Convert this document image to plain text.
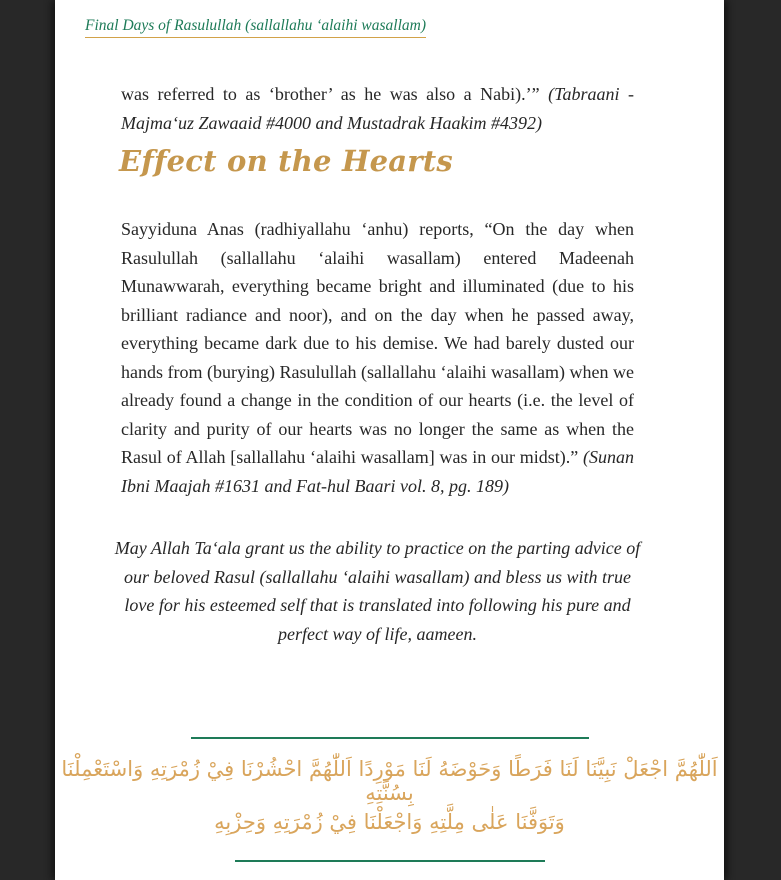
Final Days of Rasulullah (sallallahu ‘alaihi wasallam)

was referred to as ‘brother’ as he was also a Nabi).’” (Tabraani - Majma‘uz Zawaaid #4000 and Mustadrak Haakim #4392)

Effect on the Hearts

Sayyiduna Anas (radhiyallahu ‘anhu) reports, “On the day when Rasulullah (sallallahu ‘alaihi wasallam) entered Madeenah Munawwarah, everything became bright and illuminated (due to his brilliant radiance and noor), and on the day when he passed away, everything became dark due to his demise. We had barely dusted our hands from (burying) Rasulullah (sallallahu ‘alaihi wasallam) when we already found a change in the condition of our hearts (i.e. the level of clarity and purity of our hearts was no longer the same as when the Rasul of Allah [sallallahu ‘alaihi wasallam] was in our midst).” (Sunan Ibni Maajah #1631 and Fat-hul Baari vol. 8, pg. 189)

May Allah Ta‘ala grant us the ability to practice on the parting advice of our beloved Rasul (sallallahu ‘alaihi wasallam) and bless us with true love for his esteemed self that is translated into following his pure and perfect way of life, aameen.

اَللّٰهُمَّ اجْعَلْ نَبِيَّنَا لَنَا فَرَطًا وَحَوْضَهُ لَنَا مَوْرِدًا اَللّٰهُمَّ احْشُرْنَا فِيْ زُمْرَتِهِ وَاسْتَعْمِلْنَا بِسُنَّتِهِ
وَتَوَفَّنَا عَلٰى مِلَّتِهِ وَاجْعَلْنَا فِيْ زُمْرَتِهِ وَحِزْبِهِ
